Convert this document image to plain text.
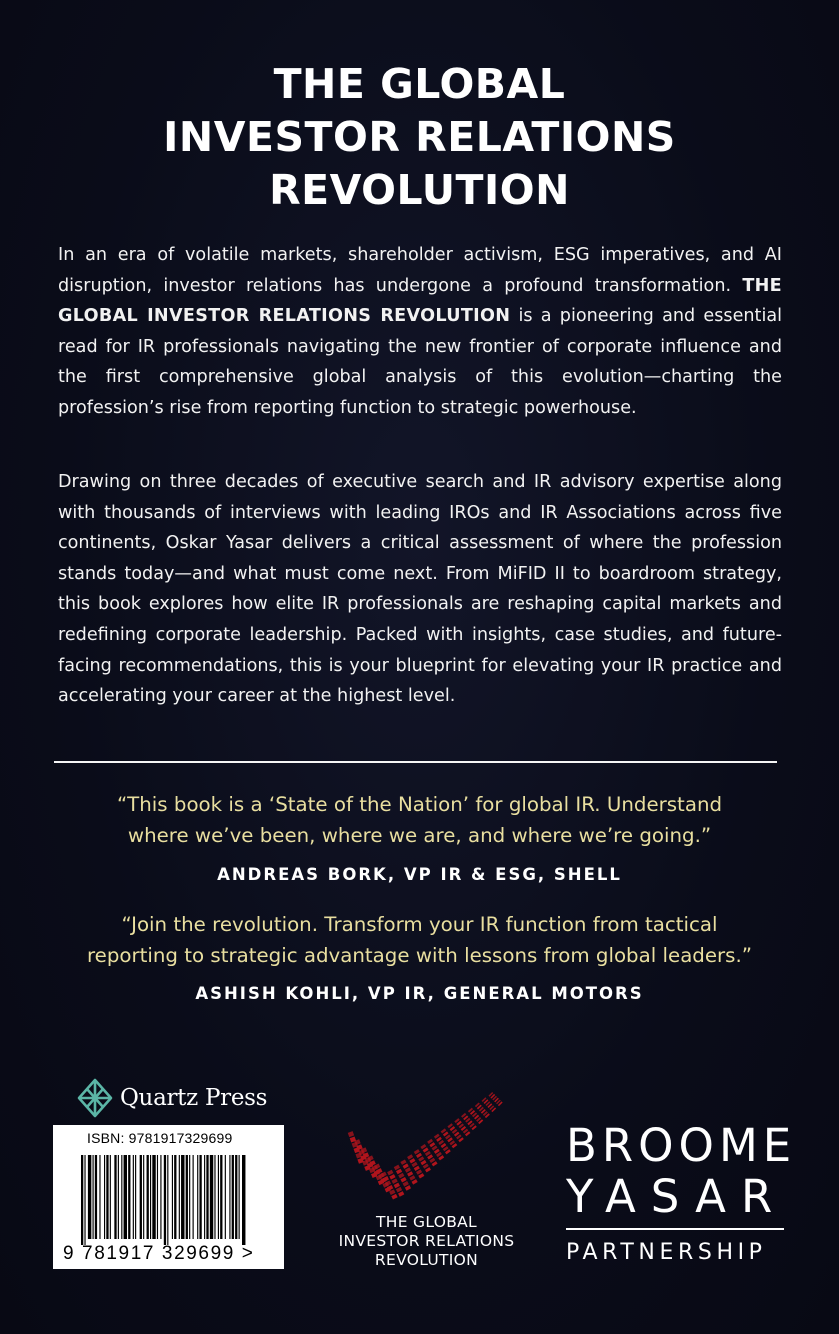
THE GLOBAL
INVESTOR RELATIONS
REVOLUTION

In an era of volatile markets, shareholder activism, ESG imperatives, and AI disruption, investor relations has undergone a profound transformation. THE GLOBAL INVESTOR RELATIONS REVOLUTION is a pioneering and essential read for IR professionals navigating the new frontier of corporate influence and the first comprehensive global analysis of this evolution—charting the profession’s rise from reporting function to strategic powerhouse.

Drawing on three decades of executive search and IR advisory expertise along with thousands of interviews with leading IROs and IR Associations across five continents, Oskar Yasar delivers a critical assessment of where the profession stands today—and what must come next. From MiFID II to boardroom strategy, this book explores how elite IR professionals are reshaping capital markets and redefining corporate leadership. Packed with insights, case studies, and future-facing recommendations, this is your blueprint for elevating your IR practice and accelerating your career at the highest level.

“This book is a ‘State of the Nation’ for global IR. Understand
where we’ve been, where we are, and where we’re going.”
ANDREAS BORK, VP IR & ESG, SHELL
“Join the revolution. Transform your IR function from tactical
reporting to strategic advantage with lessons from global leaders.”
ASHISH KOHLI, VP IR, GENERAL MOTORS
Quartz Press
ISBN: 9781917329699
9 781917 329699 >
THE GLOBAL
INVESTOR RELATIONS
REVOLUTION
BROOME
YASAR
PARTNERSHIP
